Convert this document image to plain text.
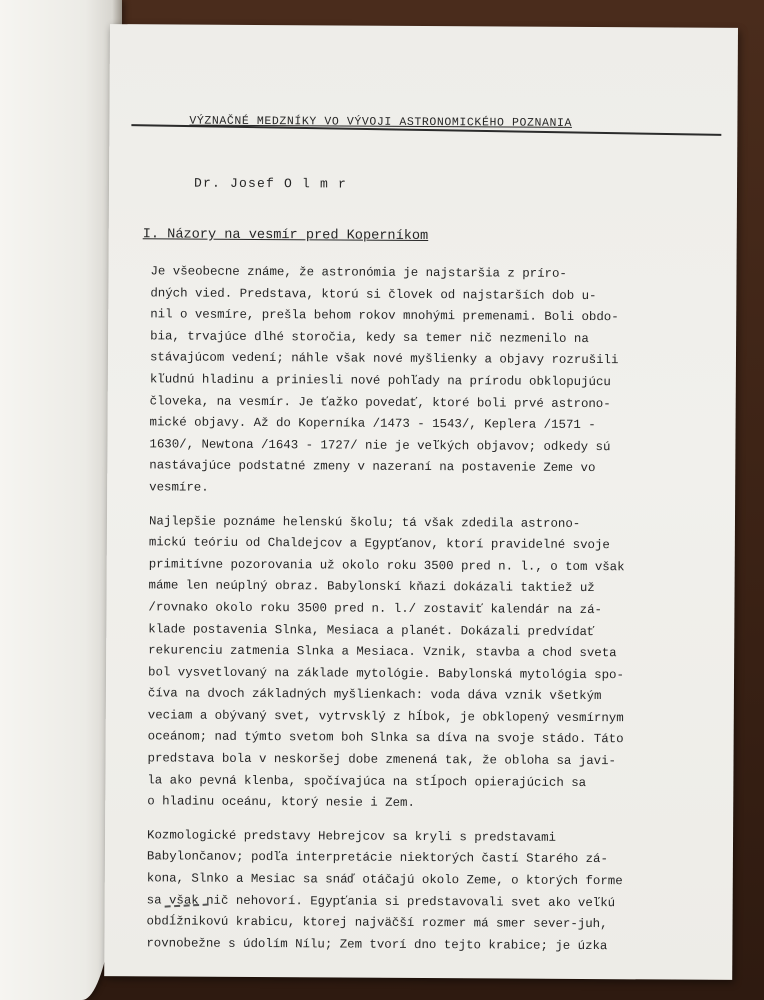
VÝZNAČNÉ MEDZNÍKY VO VÝVOJI ASTRONOMICKÉHO POZNANIA
Dr. Josef O l m r
I. Názory na vesmír pred Koperníkom
Je všeobecne známe, že astronómia je najstaršia z príro-
dných vied. Predstava, ktorú si človek od najstarších dob u-
nil o vesmíre, prešla behom rokov mnohými premenami. Boli obdo-
bia, trvajúce dlhé storočia, kedy sa temer nič nezmenilo na
stávajúcom vedení; náhle však nové myšlienky a objavy rozrušili
kľudnú hladinu a priniesli nové pohľady na prírodu obklopujúcu
človeka, na vesmír. Je ťažko povedať, ktoré boli prvé astrono-
mické objavy. Až do Koperníka /1473 - 1543/, Keplera /1571 -
1630/, Newtona /1643 - 1727/ nie je veľkých objavov; odkedy sú
nastávajúce podstatné zmeny v nazeraní na postavenie Zeme vo
vesmíre.
Najlepšie poznáme helenskú školu; tá však zdedila astrono-
mickú teóriu od Chaldejcov a Egypťanov, ktorí pravidelné svoje
primitívne pozorovania už okolo roku 3500 pred n. l., o tom však
máme len neúplný obraz. Babylonskí kňazi dokázali taktiež už
/rovnako okolo roku 3500 pred n. l./ zostaviť kalendár na zá-
klade postavenia Slnka, Mesiaca a planét. Dokázali predvídať
rekurenciu zatmenia Slnka a Mesiaca. Vznik, stavba a chod sveta
bol vysvetlovaný na základe mytológie. Babylonská mytológia spo-
číva na dvoch základných myšlienkach: voda dáva vznik všetkým
veciam a obývaný svet, vytrvsklý z hĺbok, je obklopený vesmírnym
oceánom; nad týmto svetom boh Slnka sa díva na svoje stádo. Táto
predstava bola v neskoršej dobe zmenená tak, že obloha sa javi-
la ako pevná klenba, spočívajúca na stĺpoch opierajúcich sa
o hladinu oceánu, ktorý nesie i Zem.
Kozmologické predstavy Hebrejcov sa kryli s predstavami
Babylončanov; podľa interpretácie niektorých častí Starého zá-
kona, Slnko a Mesiac sa snáď otáčajú okolo Zeme, o ktorých forme
sa však nič nehovorí. Egypťania si predstavovali svet ako veľkú
obdĺžnikovú krabicu, ktorej najväčší rozmer má smer sever-juh,
rovnobežne s údolím Nílu; Zem tvorí dno tejto krabice; je úzka
